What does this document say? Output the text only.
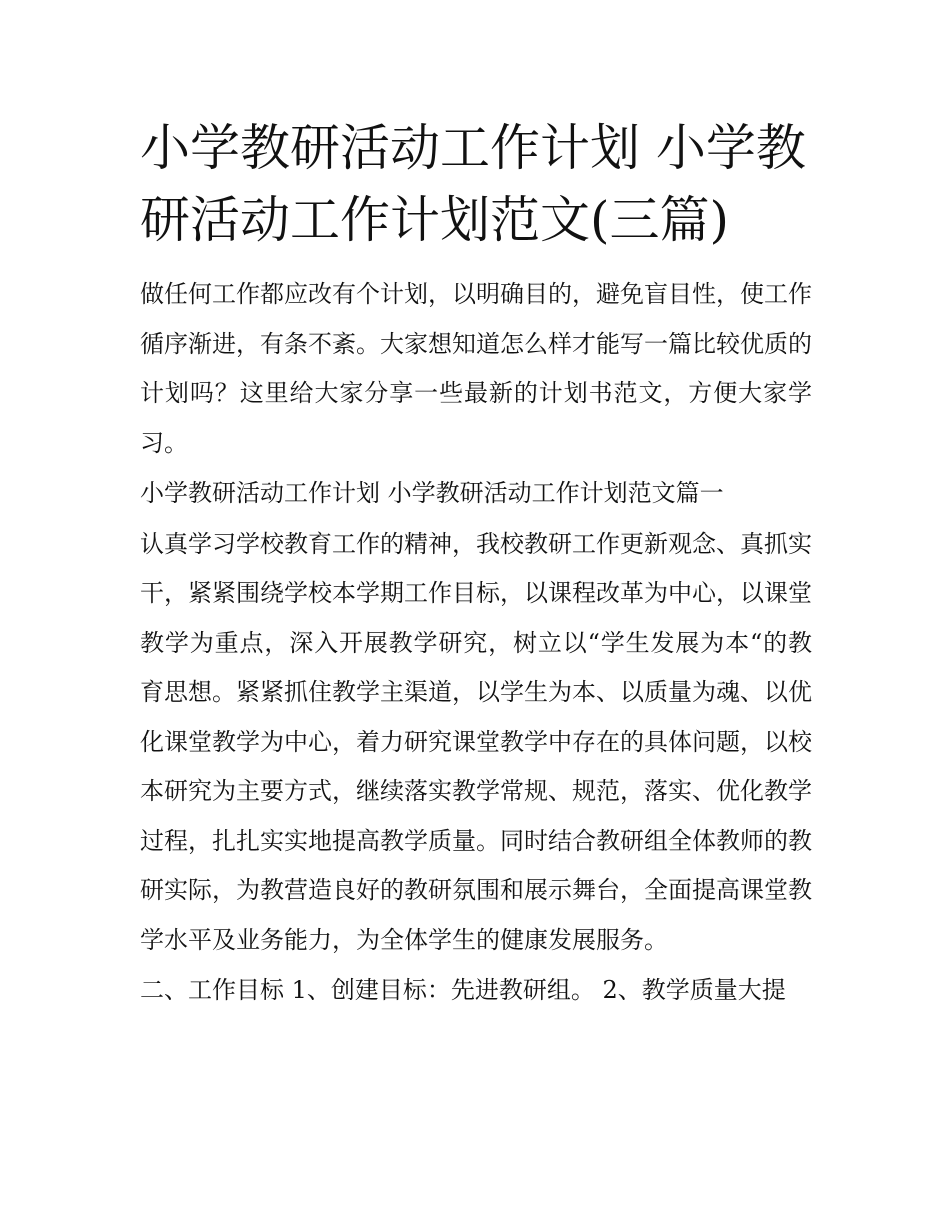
小学教研活动工作计划 小学教研活动工作计划范文(三篇)

做任何工作都应改有个计划，以明确目的，避免盲目性，使工作循序渐进，有条不紊。大家想知道怎么样才能写一篇比较优质的计划吗？这里给大家分享一些最新的计划书范文，方便大家学习。

小学教研活动工作计划 小学教研活动工作计划范文篇一

认真学习学校教育工作的精神，我校教研工作更新观念、真抓实干，紧紧围绕学校本学期工作目标，以课程改革为中心，以课堂教学为重点，深入开展教学研究，树立以“学生发展为本“的教育思想。紧紧抓住教学主渠道，以学生为本、以质量为魂、以优化课堂教学为中心，着力研究课堂教学中存在的具体问题，以校本研究为主要方式，继续落实教学常规、规范，落实、优化教学过程，扎扎实实地提高教学质量。同时结合教研组全体教师的教研实际，为教营造良好的教研氛围和展示舞台，全面提高课堂教学水平及业务能力，为全体学生的健康发展服务。

二、工作目标 1、创建目标：先进教研组。 2、教学质量大提
